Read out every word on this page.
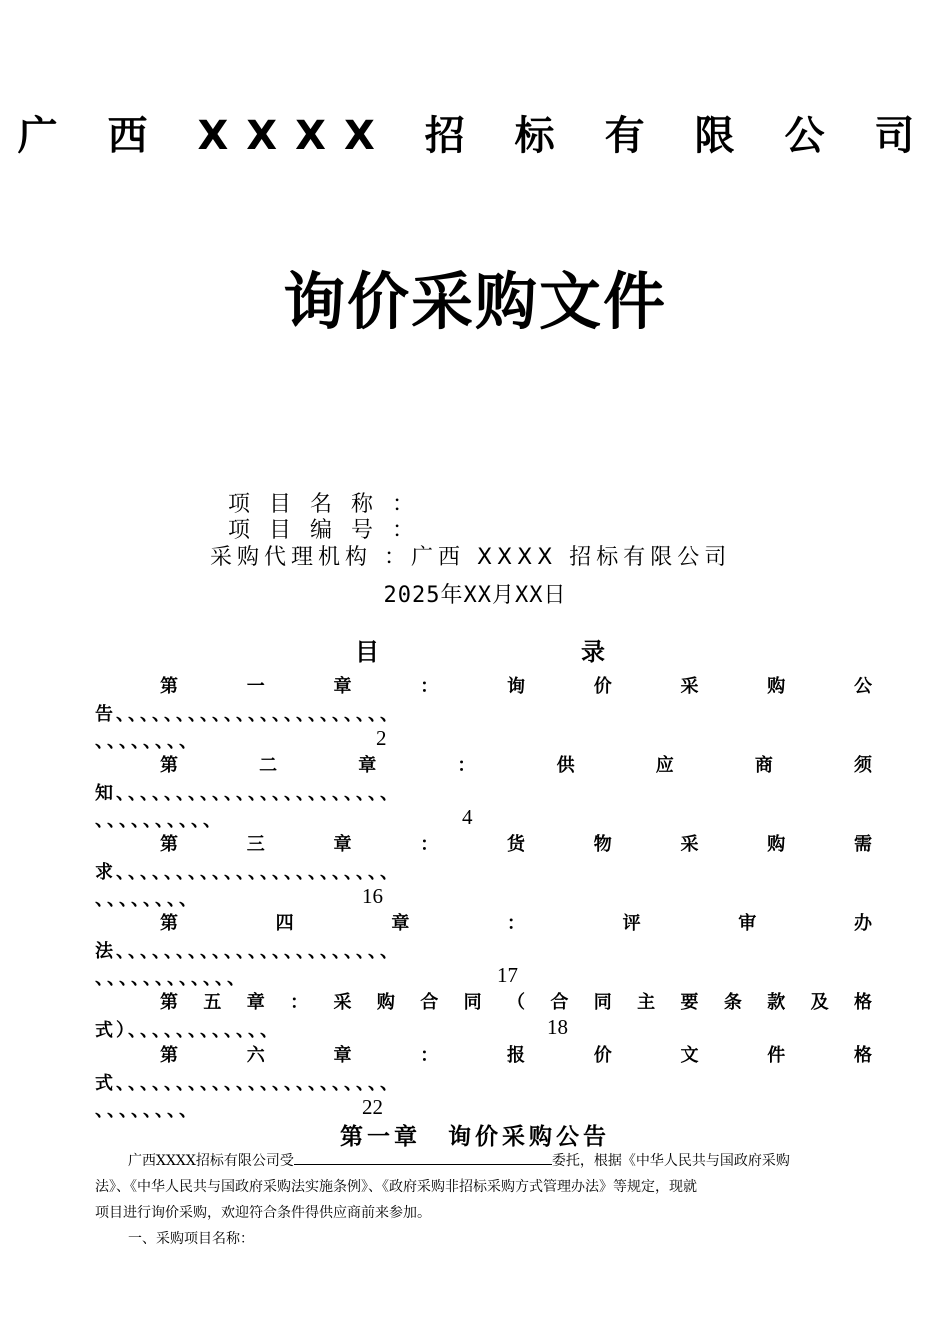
广 西 XXXX 招 标 有 限 公 司
询价采购文件
项 目 名 称 ：
项 目 编 号 ：
采购代理机构 ：广西 XXXX 招标有限公司
2025年XX月XX日
目	录
第	一	章	：	询	价	采	购	公
告、、、、、、、、、、、、、、、、、、、、、、、
、、、、、、、、	2
第	二	章	：	供	应	商	须
知、、、、、、、、、、、、、、、、、、、、、、、
、、、、、、、、、、	4
第	三	章	：	货	物	采	购	需
求、、、、、、、、、、、、、、、、、、、、、、、
、、、、、、、、	16
第	四	章	：	评	审	办
法、、、、、、、、、、、、、、、、、、、、、、、
、、、、、、、、、、、、	17
第 五 章 ： 采 购 合 同 （ 合 同 主 要 条 款 及 格
式）、、、、、、、、、、、、	18
第	六	章	：	报	价	文	件	格
式、、、、、、、、、、、、、、、、、、、、、、、
、、、、、、、、	22
第一章　询价采购公告
广西XXXX招标有限公司受	委托，根据《中华人民共与国政府采购
法》、《中华人民共与国政府采购法实施条例》、《政府采购非招标采购方式管理办法》等规定，现就
项目进行询价采购，欢迎符合条件得供应商前来参加。
一、采购项目名称：
